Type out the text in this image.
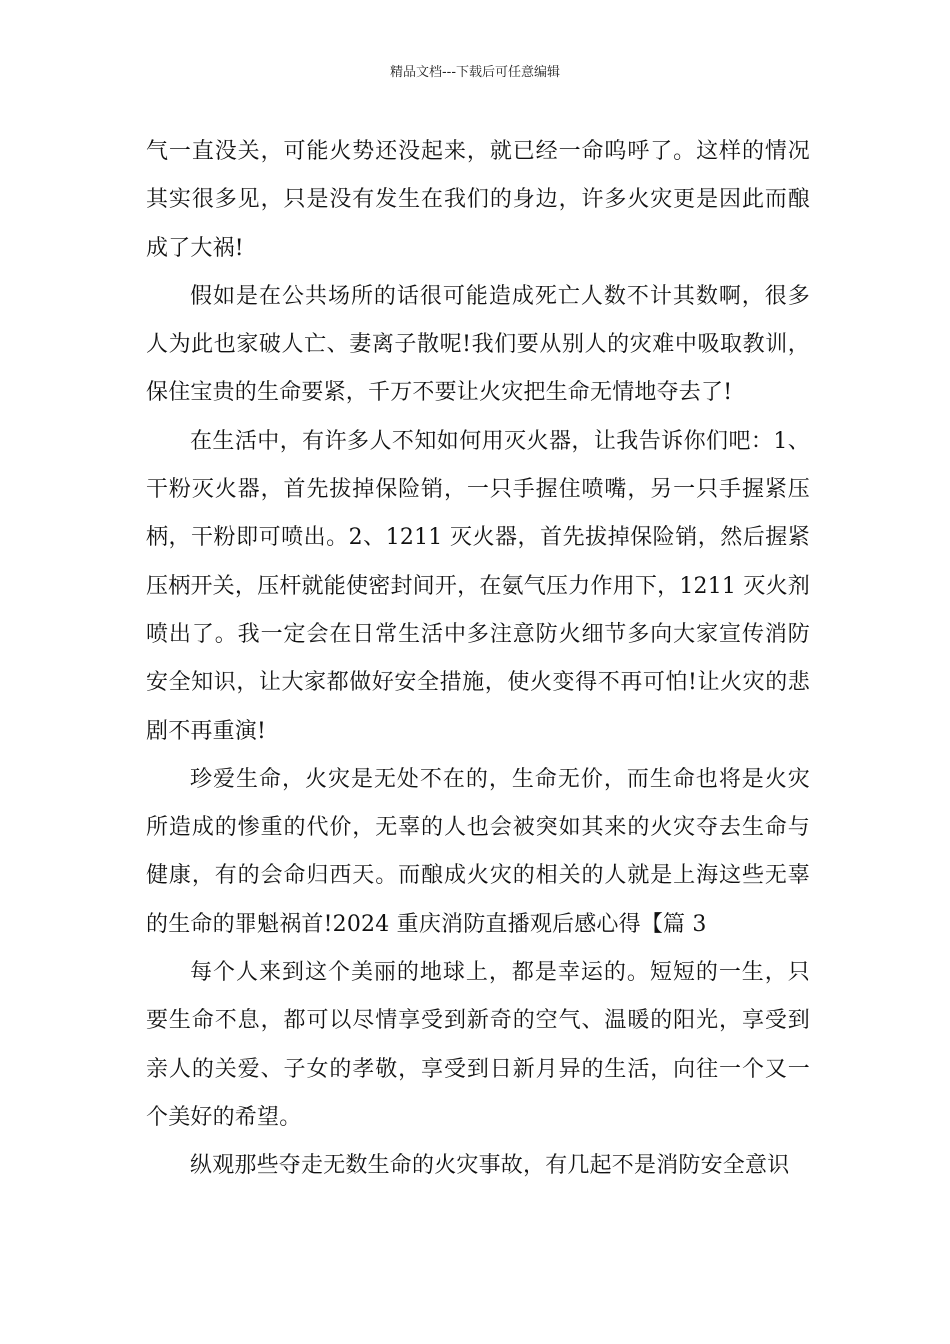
精品文档---下载后可任意编辑

气一直没关，可能火势还没起来，就已经一命呜呼了。这样的情况其实很多见，只是没有发生在我们的身边，许多火灾更是因此而酿成了大祸!

假如是在公共场所的话很可能造成死亡人数不计其数啊，很多人为此也家破人亡、妻离子散呢!我们要从别人的灾难中吸取教训，保住宝贵的生命要紧，千万不要让火灾把生命无情地夺去了!

在生活中，有许多人不知如何用灭火器，让我告诉你们吧：1、干粉灭火器，首先拔掉保险销，一只手握住喷嘴，另一只手握紧压柄，干粉即可喷出。2、1211 灭火器，首先拔掉保险销，然后握紧压柄开关，压杆就能使密封间开，在氨气压力作用下，1211 灭火剂喷出了。我一定会在日常生活中多注意防火细节多向大家宣传消防安全知识，让大家都做好安全措施，使火变得不再可怕!让火灾的悲剧不再重演!

珍爱生命，火灾是无处不在的，生命无价，而生命也将是火灾所造成的惨重的代价，无辜的人也会被突如其来的火灾夺去生命与健康，有的会命归西天。而酿成火灾的相关的人就是上海这些无辜的生命的罪魁祸首!2024 重庆消防直播观后感心得【篇 3

每个人来到这个美丽的地球上，都是幸运的。短短的一生，只要生命不息，都可以尽情享受到新奇的空气、温暖的阳光，享受到亲人的关爱、子女的孝敬，享受到日新月异的生活，向往一个又一个美好的希望。

纵观那些夺走无数生命的火灾事故，有几起不是消防安全意识
